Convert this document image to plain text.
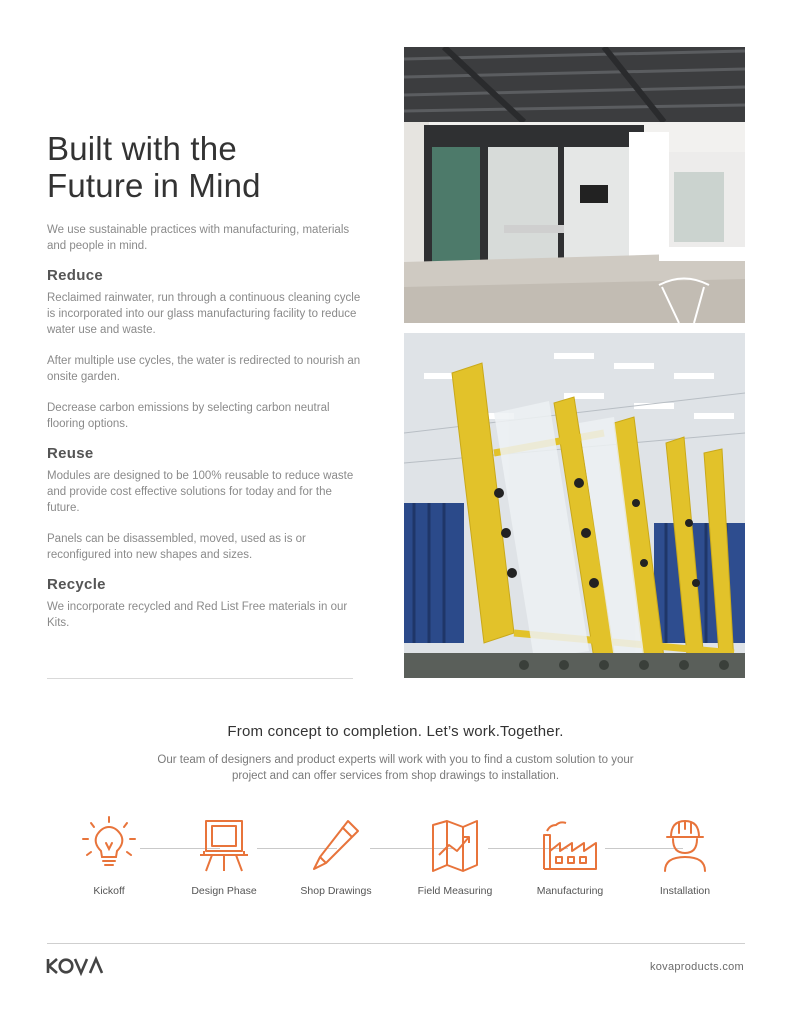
Built with the
Future in Mind

We use sustainable practices with manufacturing, materials and people in mind.

Reduce

Reclaimed rainwater, run through a continuous cleaning cycle is incorporated into our glass manufacturing facility to reduce water use and waste.

After multiple use cycles, the water is redirected to nourish an onsite garden.

Decrease carbon emissions by selecting carbon neutral flooring options.

Reuse

Modules are designed to be 100% reusable to reduce waste and provide cost effective solutions for today and for the future.

Panels can be disassembled, moved, used as is or reconfigured into new shapes and sizes.

Recycle

We incorporate recycled and Red List Free materials in our Kits.

From concept to completion. Let’s work.Together.
Our team of designers and product experts will work with you to find a custom solution to your project and can offer services from shop drawings to installation.
Kickoff	Design Phase	Shop Drawings	Field Measuring	Manufacturing	Installation
kovaproducts.com
